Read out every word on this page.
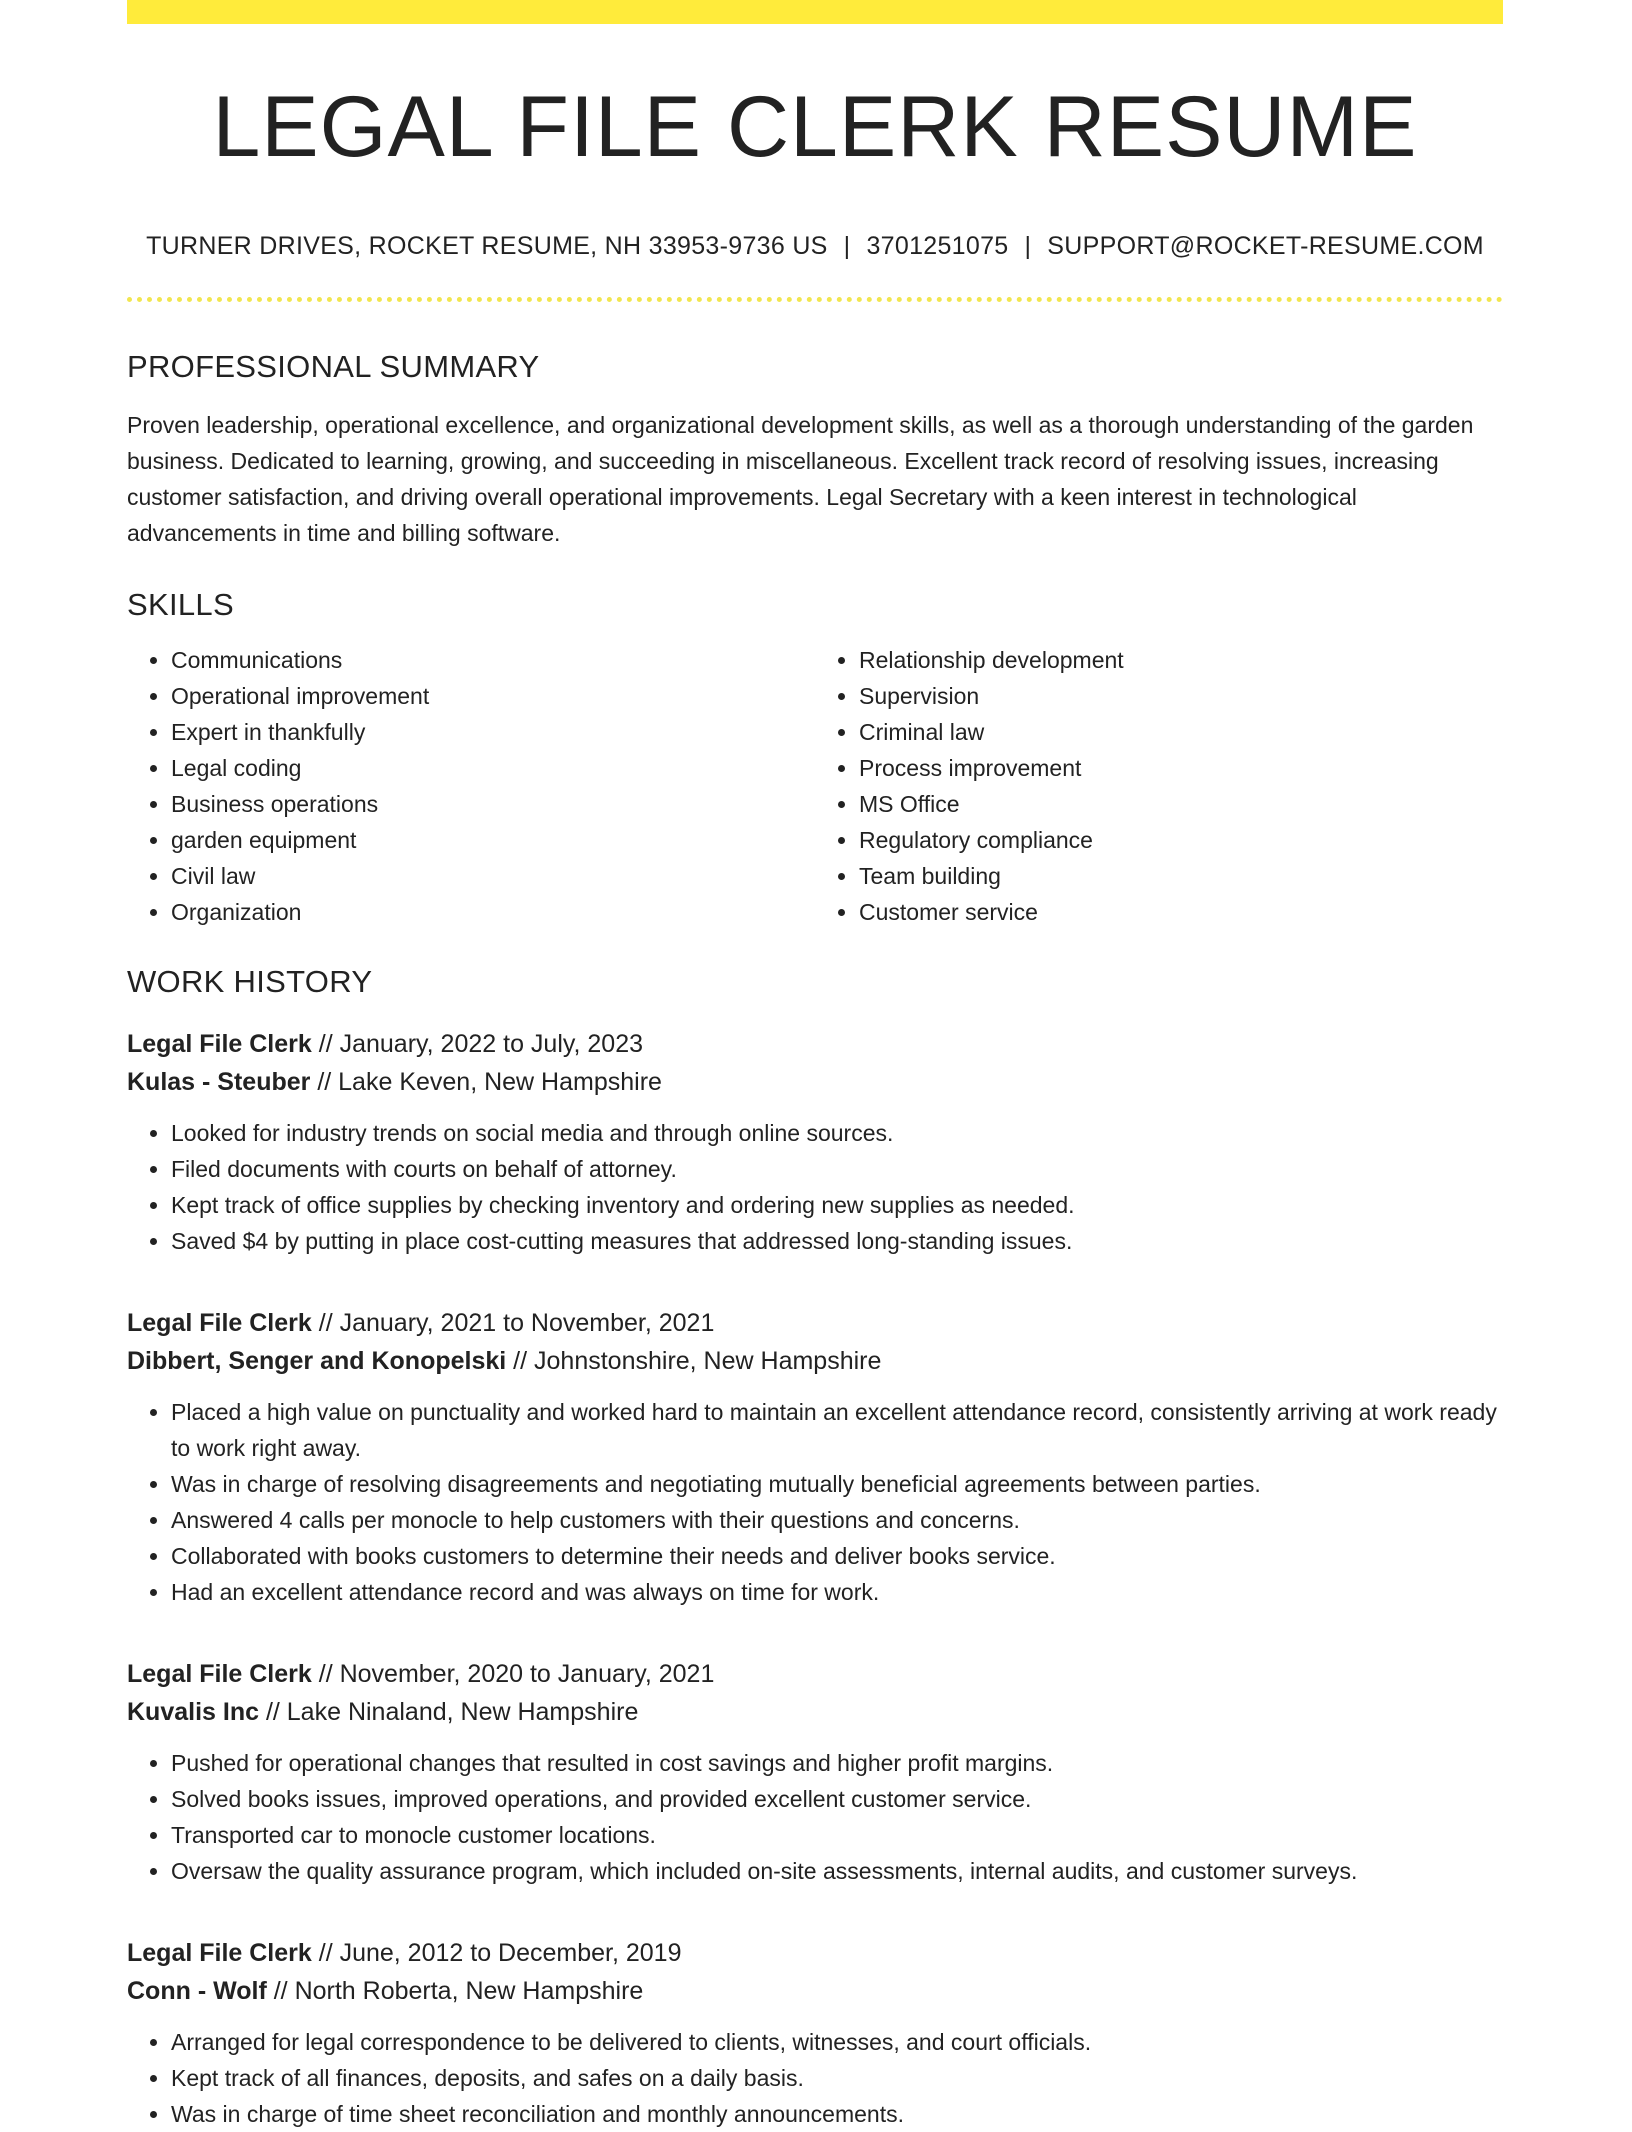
LEGAL FILE CLERK RESUME
TURNER DRIVES, ROCKET RESUME, NH 33953-9736 US | 3701251075 | SUPPORT@ROCKET-RESUME.COM
PROFESSIONAL SUMMARY

Proven leadership, operational excellence, and organizational development skills, as well as a thorough understanding of the garden business. Dedicated to learning, growing, and succeeding in miscellaneous. Excellent track record of resolving issues, increasing customer satisfaction, and driving overall operational improvements. Legal Secretary with a keen interest in technological advancements in time and billing software.

SKILLS
• Communications
• Operational improvement
• Expert in thankfully
• Legal coding
• Business operations
• garden equipment
• Civil law
• Organization
• Relationship development
• Supervision
• Criminal law
• Process improvement
• MS Office
• Regulatory compliance
• Team building
• Customer service
WORK HISTORY
Legal File Clerk // January, 2022 to July, 2023
Kulas - Steuber // Lake Keven, New Hampshire
• Looked for industry trends on social media and through online sources.
• Filed documents with courts on behalf of attorney.
• Kept track of office supplies by checking inventory and ordering new supplies as needed.
• Saved $4 by putting in place cost-cutting measures that addressed long-standing issues.
Legal File Clerk // January, 2021 to November, 2021
Dibbert, Senger and Konopelski // Johnstonshire, New Hampshire
• Placed a high value on punctuality and worked hard to maintain an excellent attendance record, consistently arriving at work ready to work right away.
• Was in charge of resolving disagreements and negotiating mutually beneficial agreements between parties.
• Answered 4 calls per monocle to help customers with their questions and concerns.
• Collaborated with books customers to determine their needs and deliver books service.
• Had an excellent attendance record and was always on time for work.
Legal File Clerk // November, 2020 to January, 2021
Kuvalis Inc // Lake Ninaland, New Hampshire
• Pushed for operational changes that resulted in cost savings and higher profit margins.
• Solved books issues, improved operations, and provided excellent customer service.
• Transported car to monocle customer locations.
• Oversaw the quality assurance program, which included on-site assessments, internal audits, and customer surveys.
Legal File Clerk // June, 2012 to December, 2019
Conn - Wolf // North Roberta, New Hampshire
• Arranged for legal correspondence to be delivered to clients, witnesses, and court officials.
• Kept track of all finances, deposits, and safes on a daily basis.
• Was in charge of time sheet reconciliation and monthly announcements.
